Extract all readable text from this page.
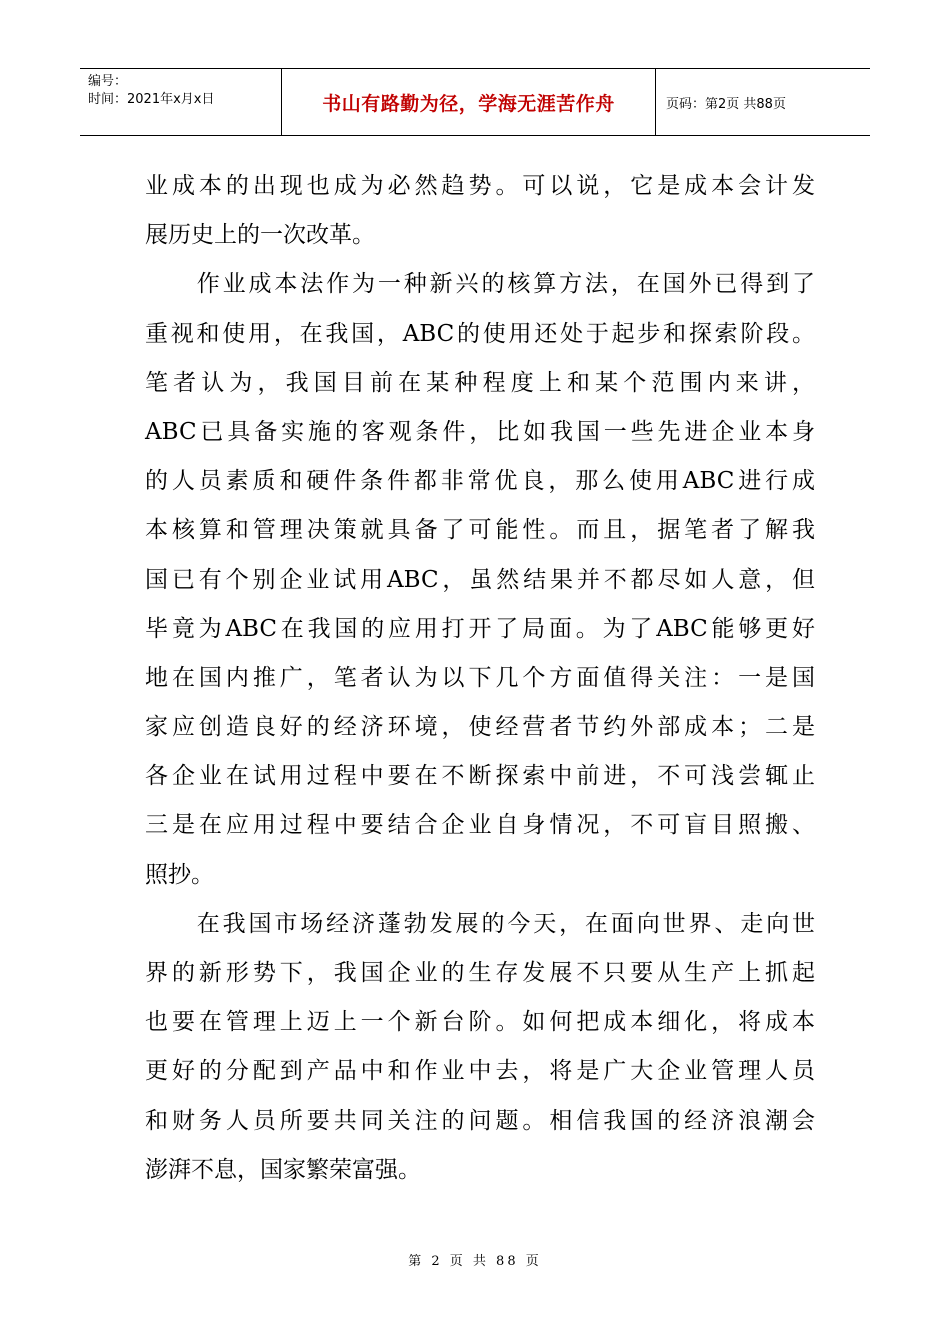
编号：
时间：2021年x月x日	书山有路勤为径，学海无涯苦作舟	页码：第2页 共88页
业成本的出现也成为必然趋势。可以说，它是成本会计发
展历史上的一次改革。
　　作业成本法作为一种新兴的核算方法，在国外已得到了
重视和使用，在我国，ABC的使用还处于起步和探索阶段。
笔者认为，我国目前在某种程度上和某个范围内来讲，
ABC已具备实施的客观条件，比如我国一些先进企业本身
的人员素质和硬件条件都非常优良，那么使用ABC进行成
本核算和管理决策就具备了可能性。而且，据笔者了解我
国已有个别企业试用ABC，虽然结果并不都尽如人意，但
毕竟为ABC在我国的应用打开了局面。为了ABC能够更好
地在国内推广，笔者认为以下几个方面值得关注：一是国
家应创造良好的经济环境，使经营者节约外部成本；二是
各企业在试用过程中要在不断探索中前进，不可浅尝辄止
三是在应用过程中要结合企业自身情况，不可盲目照搬、
照抄。
　　在我国市场经济蓬勃发展的今天，在面向世界、走向世
界的新形势下，我国企业的生存发展不只要从生产上抓起
也要在管理上迈上一个新台阶。如何把成本细化，将成本
更好的分配到产品中和作业中去，将是广大企业管理人员
和财务人员所要共同关注的问题。相信我国的经济浪潮会
澎湃不息，国家繁荣富强。
第 2 页 共 88 页
